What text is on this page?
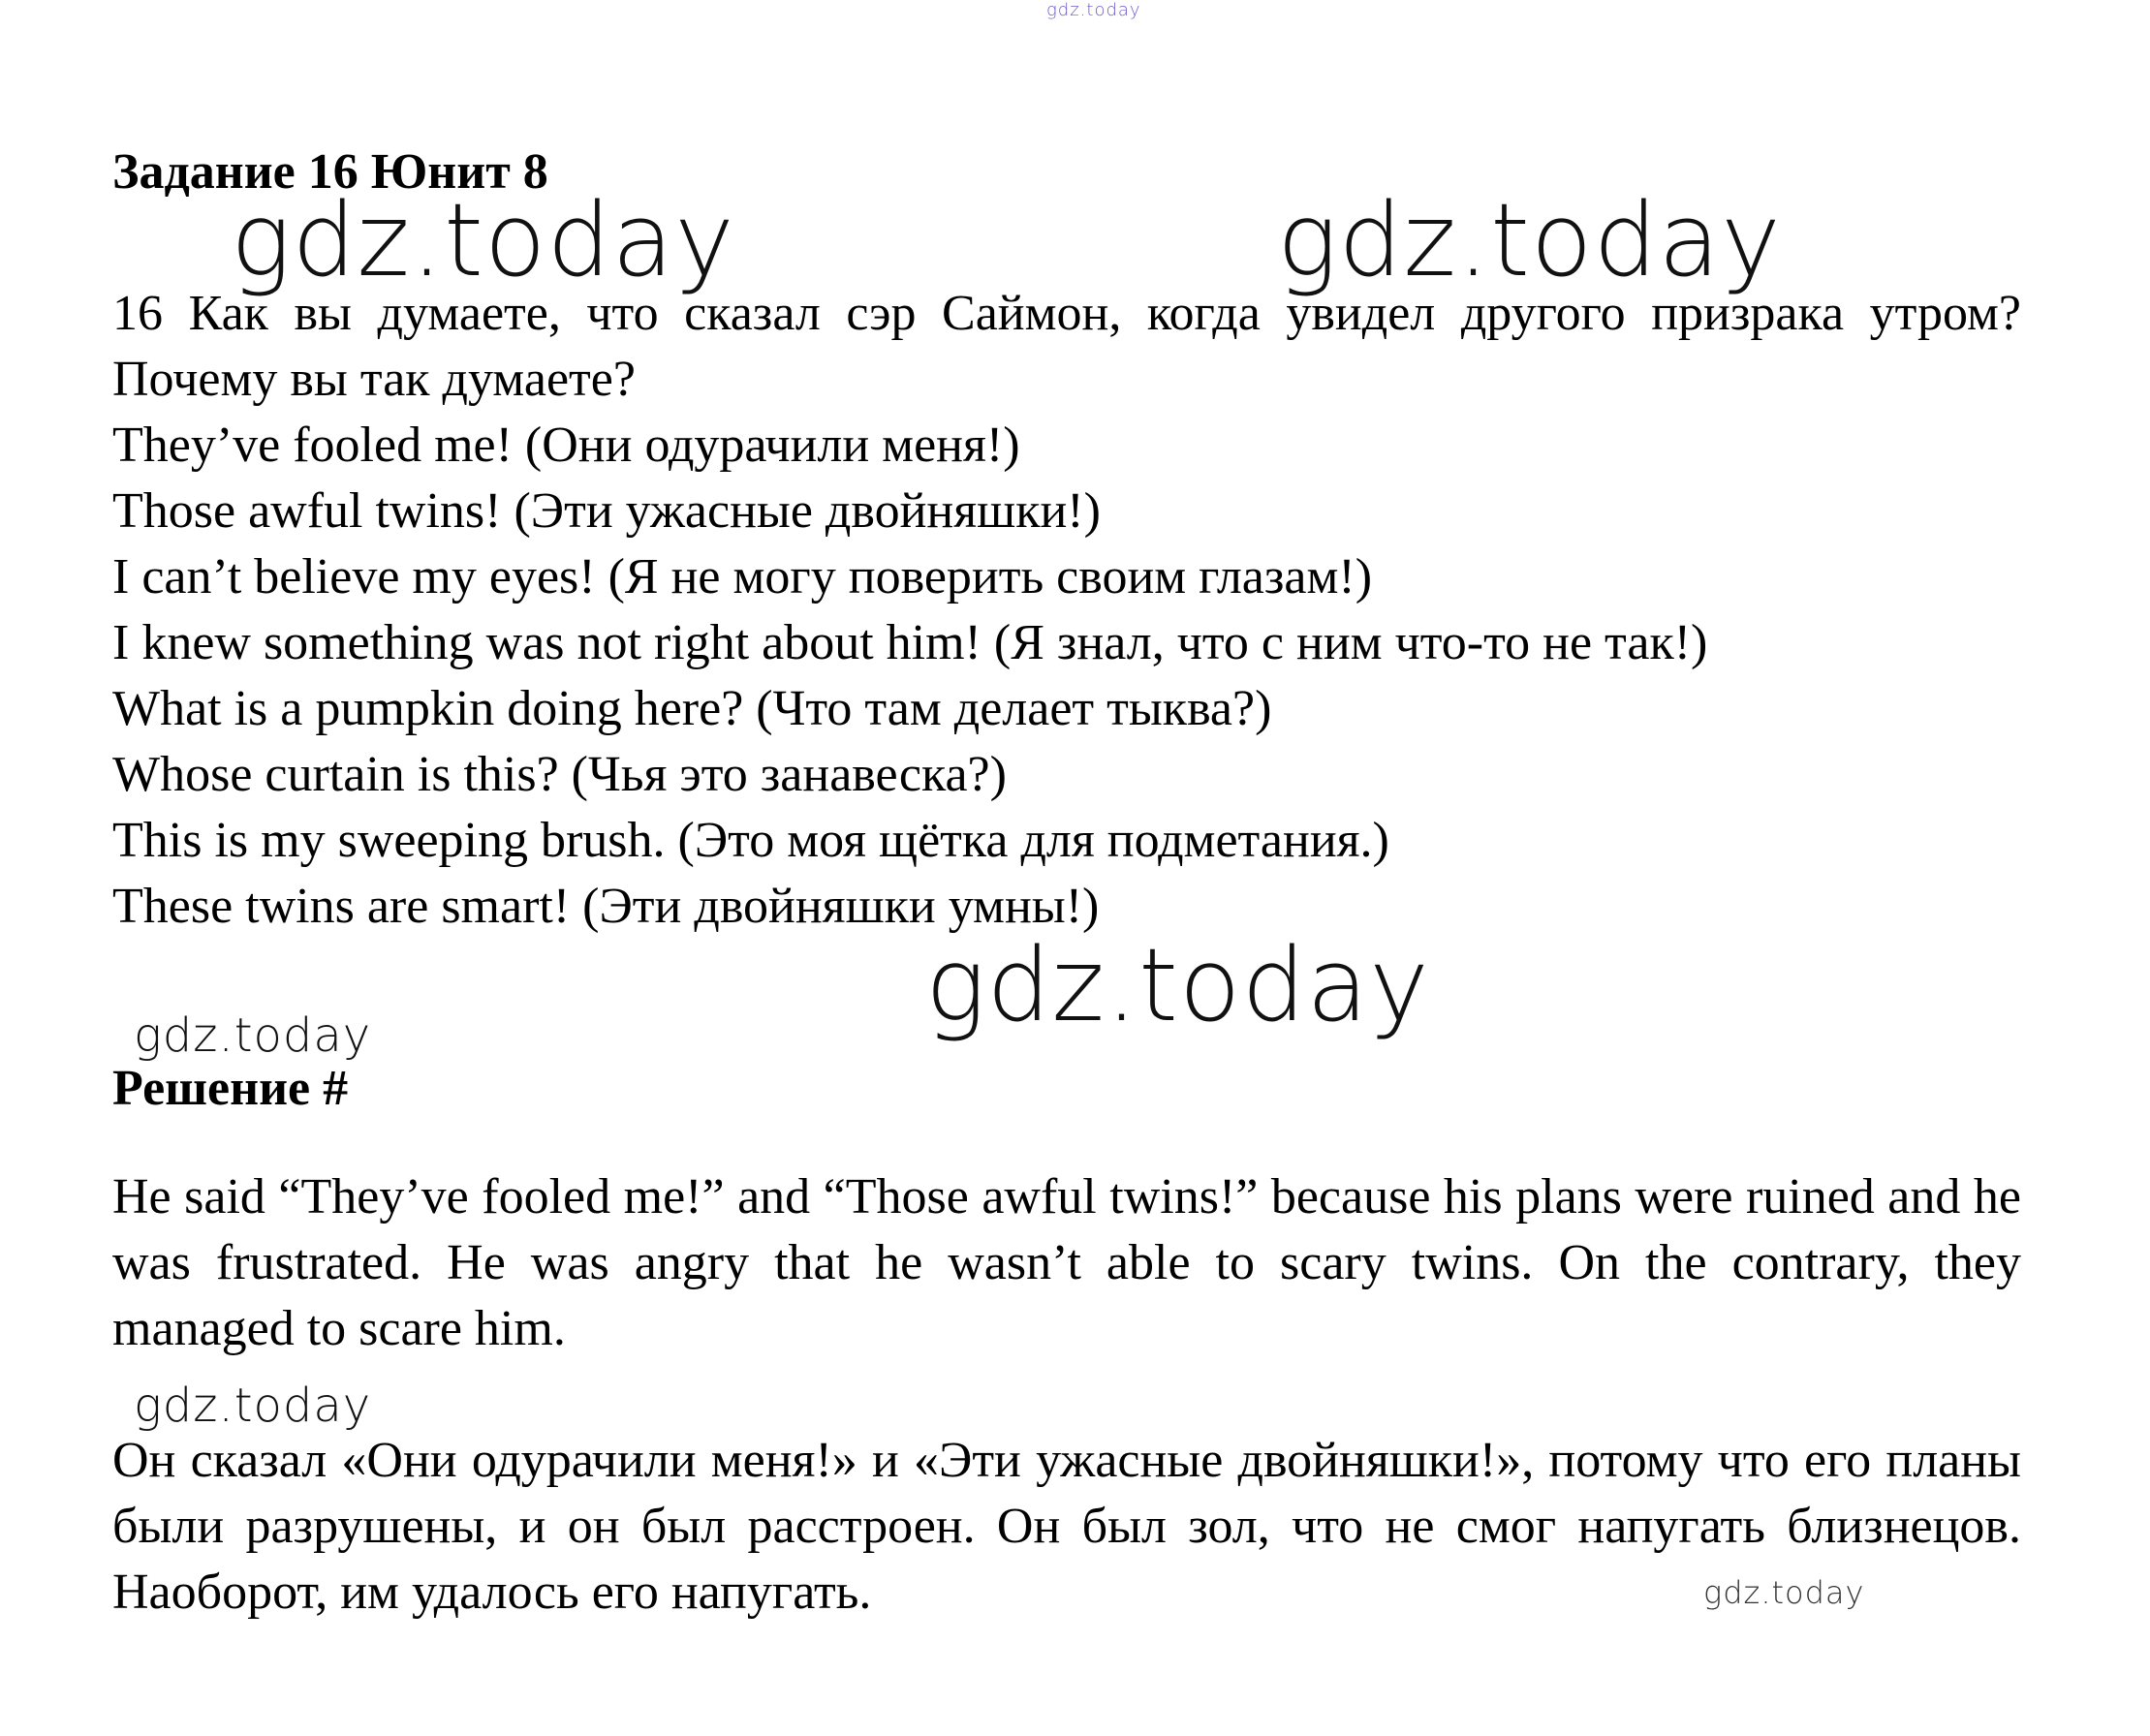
gdz.today
gdz.today	gdz.today
gdz.today
gdz.today
gdz.today
gdz.today
Задание 16 Юнит 8
16 Как вы думаете, что сказал сэр Саймон, когда увидел другого призрака утром? Почему вы так думаете?
They’ve fooled me! (Они одурачили меня!)
Those awful twins! (Эти ужасные двойняшки!)
I can’t believe my eyes! (Я не могу поверить своим глазам!)
I knew something was not right about him! (Я знал, что с ним что-то не так!)
What is a pumpkin doing here? (Что там делает тыква?)
Whose curtain is this? (Чья это занавеска?)
This is my sweeping brush. (Это моя щётка для подметания.)
These twins are smart! (Эти двойняшки умны!)
Решение #

He said “They’ve fooled me!” and “Those awful twins!” because his plans were ruined and he was frustrated. He was angry that he wasn’t able to scary twins. On the contrary, they managed to scare him.

Он сказал «Они одурачили меня!» и «Эти ужасные двойняшки!», потому что его планы были разрушены, и он был расстроен. Он был зол, что не смог напугать близнецов. Наоборот, им удалось его напугать.
